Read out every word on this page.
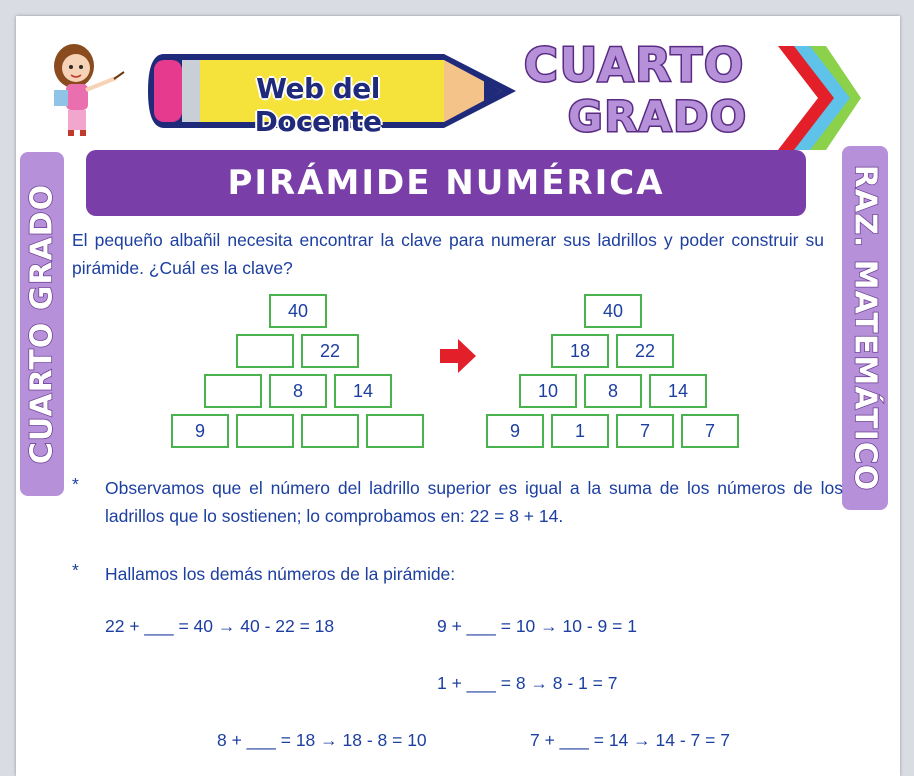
Web del Docente
CUARTO
GRADO
CUARTO GRADO	RAZ. MATEMÁTICO
PIRÁMIDE NUMÉRICA
El pequeño albañil necesita encontrar la clave para numerar sus ladrillos y poder construir su pirámide. ¿Cuál es la clave?
40
22
8	14
9
40
18	22
10	8	14
9	1	7	7
* Observamos que el número del ladrillo superior es igual a la suma de los números de los ladrillos que lo sostienen; lo comprobamos en: 22 = 8 + 14.
* Hallamos los demás números de la pirámide:
22 + ___ = 40 → 40 - 22 = 18	9 + ___ = 10 → 10 - 9 = 1
1 + ___ = 8 → 8 - 1 = 7
8 + ___ = 18 → 18 - 8 = 10	7 + ___ = 14 → 14 - 7 = 7
